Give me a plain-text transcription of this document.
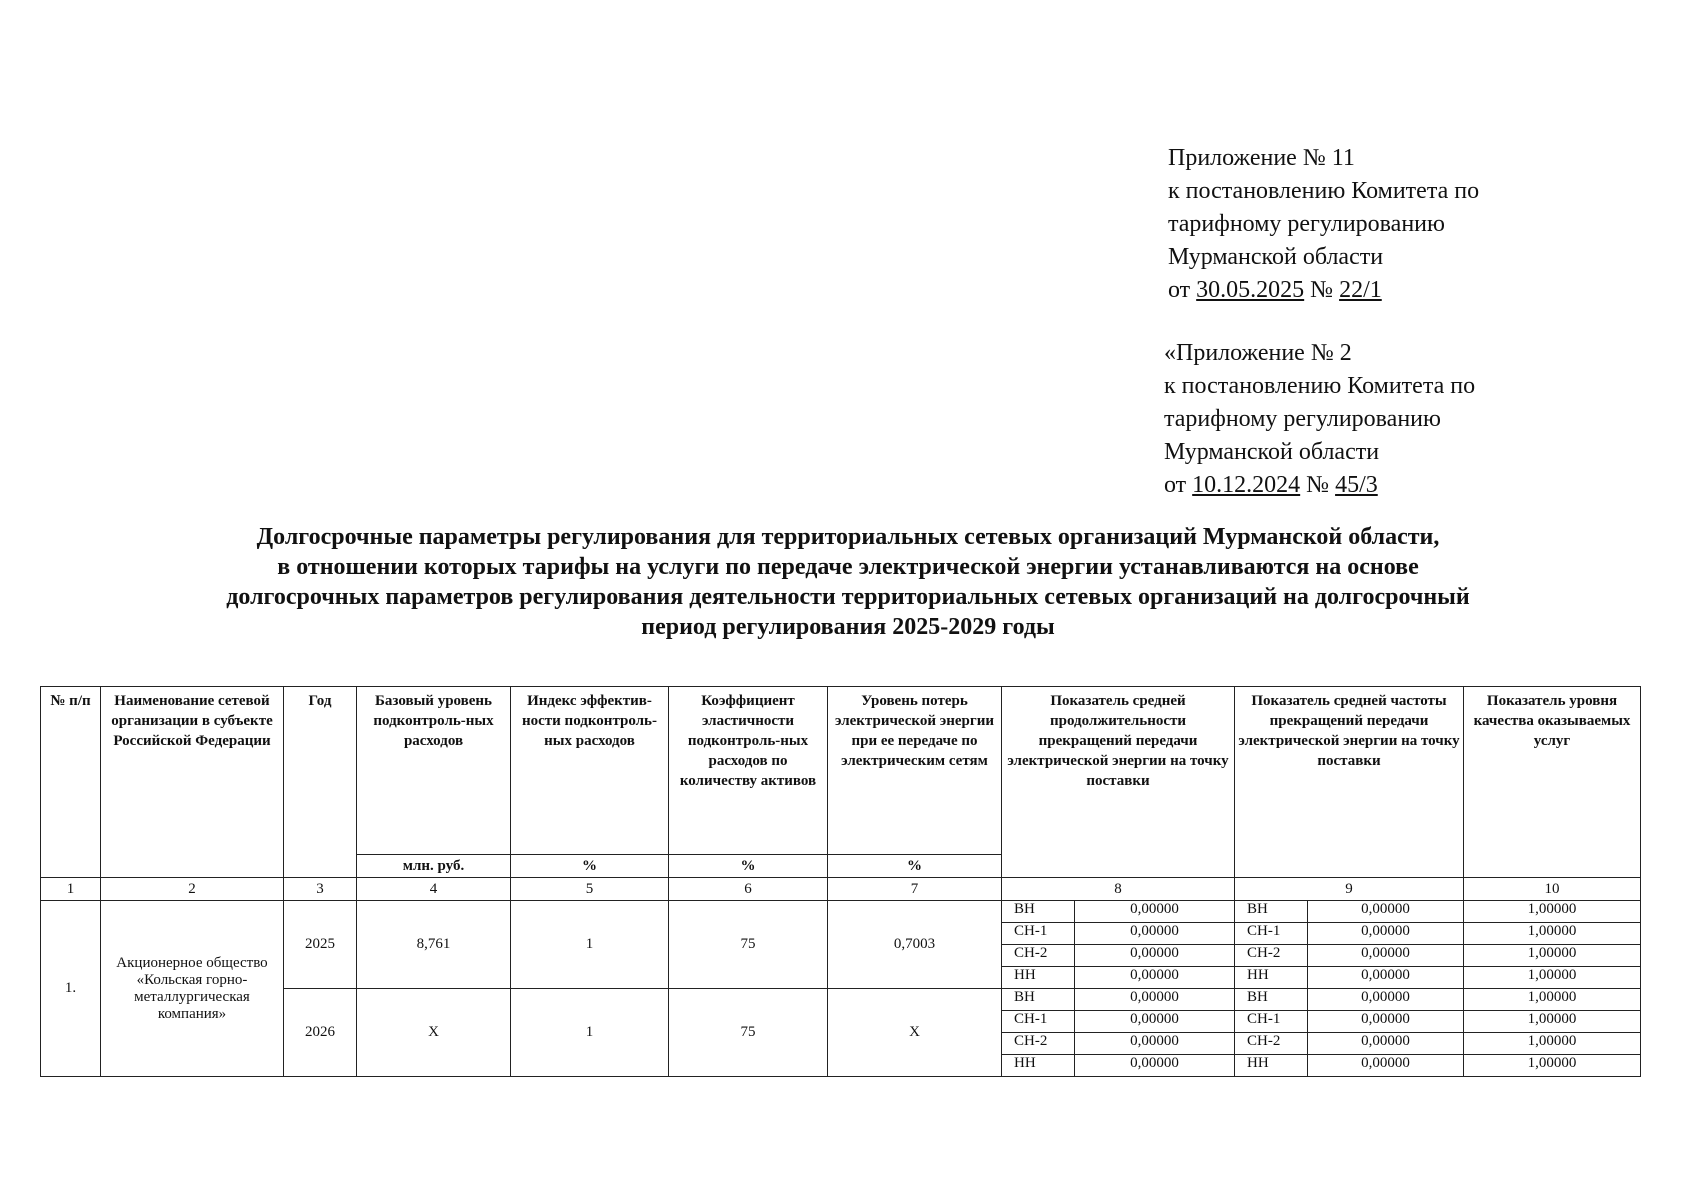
Приложение № 11
к постановлению Комитета по
тарифному регулированию
Мурманской области
от 30.05.2025 № 22/1
«Приложение № 2
к постановлению Комитета по
тарифному регулированию
Мурманской области
от 10.12.2024 № 45/3
Долгосрочные параметры регулирования для территориальных сетевых организаций Мурманской области,
в отношении которых тарифы на услуги по передаче электрической энергии устанавливаются на основе
долгосрочных параметров регулирования деятельности территориальных сетевых организаций на долгосрочный
период регулирования 2025-2029 годы
№ п/п	Наименование сетевой организации в субъекте Российской Федерации	Год	Базовый уровень подконтроль-ных расходов	Индекс эффектив-ности подконтроль-ных расходов	Коэффициент эластичности подконтроль-ных расходов по количеству активов	Уровень потерь электрической энергии при ее передаче по электрическим сетям	Показатель средней продолжительности прекращений передачи электрической энергии на точку поставки		Показатель средней частоты прекращений передачи электрической энергии на точку поставки		Показатель уровня качества оказываемых услуг
			млн. руб.	%	%	%					
1	2	3	4	5	6	7	8		9		10
1.	Акционерное общество «Кольская горно-металлургическая компания»	2025	8,761	1	75	0,7003	ВН	0,00000	ВН	0,00000	1,00000
							СН-1	0,00000	СН-1	0,00000	1,00000
							СН-2	0,00000	СН-2	0,00000	1,00000
							НН	0,00000	НН	0,00000	1,00000
		2026	X	1	75	X	ВН	0,00000	ВН	0,00000	1,00000
							СН-1	0,00000	СН-1	0,00000	1,00000
							СН-2	0,00000	СН-2	0,00000	1,00000
							НН	0,00000	НН	0,00000	1,00000
